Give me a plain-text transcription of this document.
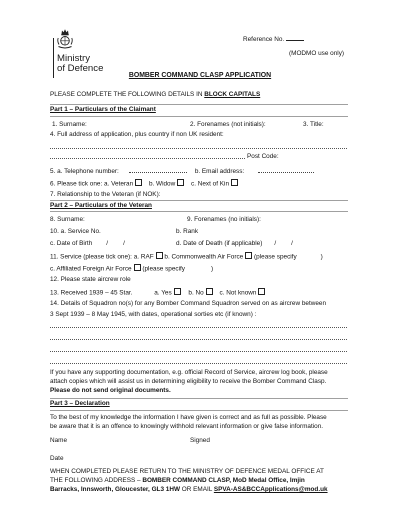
Ministry
of Defence
Reference No.
(MODMO use only)
BOMBER COMMAND CLASP APPLICATION
PLEASE COMPLETE THE FOLLOWING DETAILS IN BLOCK CAPITALS
Part 1 – Particulars of the Claimant
1. Surname:	2. Forenames (not initials):	3. Title:
4. Full address of application, plus country if non UK resident:
Post Code:
5. a. Telephone number:	b. Email address:
6. Please tick one: a. Veteran b. Widow c. Next of Kin
7. Relationship to the Veteran (if NOK):
Part 2 – Particulars of the Veteran
8. Surname:	9. Forenames (no initials):
10. a. Service No.	b. Rank
c. Date of Birth / /	d. Date of Death (if applicable) / /
11. Service (please tick one): a. RAF b. Commonwealth Air Force (please specify	)
c. Affiliated Foreign Air Force (please specify	)
12. Please state aircrew role
13. Received 1939 – 45 Star.	a. Yes	b. No c. Not known
14. Details of Squadron no(s) for any Bomber Command Squadron served on as aircrew between
3 Sept 1939 – 8 May 1945, with dates, operational sorties etc (if known) :
If you have any supporting documentation, e.g. official Record of Service, aircrew log book, please
attach copies which will assist us in determining eligibility to receive the Bomber Command Clasp.
Please do not send original documents.
Part 3 – Declaration
To the best of my knowledge the information I have given is correct and as full as possible. Please
be aware that it is an offence to knowingly withhold relevant information or give false information.
Name	Signed
Date
WHEN COMPLETED PLEASE RETURN TO THE MINISTRY OF DEFENCE MEDAL OFFICE AT
THE FOLLOWING ADDRESS – BOMBER COMMAND CLASP, MoD Medal Office, Imjin
Barracks, Innsworth, Gloucester, GL3 1HW OR EMAIL SPVA-AS&BCCApplications@mod.uk
